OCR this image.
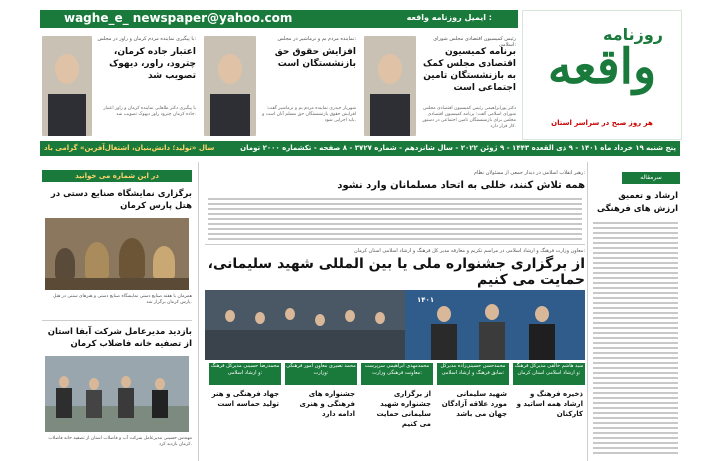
waghe_e_ newspaper@yahoo.com	ایمیل روزنامه واقعه :
روزنامه
واقعه
هر روز صبح در سراسر استان
رئیس کمیسیون اقتصادی مجلس شورای اسلامی:
برنامه کمیسیون اقتصادی مجلس کمک به بازنشستگان تامین اجتماعی است
دکتر پورابراهیمی رئیس کمیسیون اقتصادی مجلس شورای اسلامی گفت: برنامه کمیسیون اقتصادی مجلس برای بازنشستگان تامین اجتماعی در دستور کار قرار دارد.
نماینده مردم بم و نرماشیر در مجلس:
افزایش حقوق حق بازنشستگان است
شهریار حیدری نماینده مردم بم و نرماشیر گفت: افزایش حقوق بازنشستگان حق مسلم آنان است و باید اجرایی شود.
با پیگیری نماینده مردم کرمان و راور در مجلس:
اعتبار جاده کرمان، چترود، راور، دیهوک تصویب شد
با پیگیری دکتر طاهایی نماینده کرمان و راور اعتبار جاده کرمان چترود راور دیهوک تصویب شد.
سال «تولید؛ دانش‌بنیان، اشتغال‌آفرین» گرامی باد	پنج شنبه ۱۹ خرداد ماه ۱۴۰۱ - ۹ ذی القعده ۱۴۴۳ - ۹ ژوئن ۲۰۲۲ - سال شانزدهم - شماره ۳۷۲۷ - ۸ صفحه - تکشماره ۲۰۰۰ تومان
سرمقاله
ارشاد و تعمیق ارزش های فرهنگی
رهبر انقلاب اسلامی در دیدار جمعی از مسئولان نظام:
همه تلاش کنند، خللی به اتحاد مسلمانان وارد نشود
معاون وزارت فرهنگ و ارشاد اسلامی در مراسم تکریم و معارفه مدیر کل فرهنگ و ارشاد اسلامی استان کرمان:
از برگزاری جشنواره ملی یا بین المللی شهید سلیمانی، حمایت می کنیم
۱۴۰۱
سید هاشم خالقی مدیرکل فرهنگ و ارشاد اسلامی استان کرمان:
ذخیره فرهنگ و ارشاد همه اساتید و کارکنان
محمدحسن حسینی‌زاده مدیرکل سابق فرهنگ و ارشاد اسلامی:
شهید سلیمانی مورد علاقه آزادگان جهان می باشد
محمدمهدی ابراهیمی سرپرست معاونت فرهنگی وزارت:
از برگزاری جشنواره شهید سلیمانی حمایت می کنیم
محمد نصیری معاون امور فرهنگی وزارت:
جشنواره های فرهنگی و هنری ادامه دارد
محمدرضا حسینی مدیرکل فرهنگ و ارشاد اسلامی:
جهاد فرهنگی و هنر تولید حماسه است
در این شماره می خوانید
برگزاری نمایشگاه صنایع دستی در هتل پارس کرمان
همزمان با هفته صنایع دستی نمایشگاه صنایع دستی و هنرهای سنتی در هتل پارس کرمان برگزار شد.
بازدید مدیرعامل شرکت آبفا استان از تصفیه خانه فاضلاب کرمان
مهندس حسینی مدیرعامل شرکت آب و فاضلاب استان از تصفیه خانه فاضلاب کرمان بازدید کرد.
